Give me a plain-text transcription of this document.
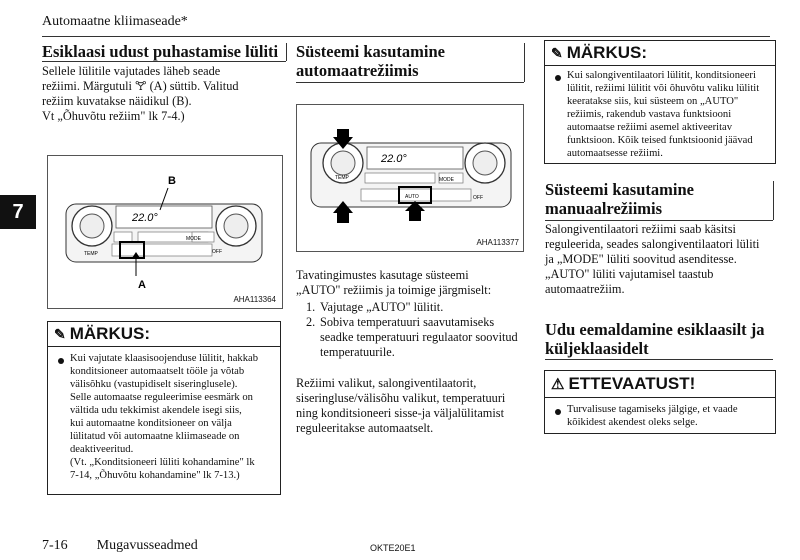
Automaatne kliimaseade*
7
Esiklaasi udust puhastamise lüliti
Sellele lülitile vajutades läheb seade
režiimi. Märgutuli 🝖 (A) süttib. Valitud
režiim kuvatakse näidikul (B).
Vt „Õhuvõtu režiim" lk 7-4.)
22.0°
TEMP
MODE
OFF
B
A
AHA113364
✎ MÄRKUS:
Kui vajutate klaasisoojendusе lülitit, hakkab
konditsioneer automaatselt tööle ja võtab
välisõhku (vastupidiselt siseringlusele).
Selle automaatse reguleerimise eesmärk on
vältida udu tekkimist akendele isegi siis,
kui automaatne konditsioneer on välja
lülitatud või automaatne kliimaseade on
deaktiveeritud.
(Vt. „Konditsioneeri lüliti kohandamine" lk
7-14, „Õhuvõtu kohandamine" lk 7-13.)
Süsteemi kasutamine
automaatrežiimis
22.0°
AUTO
MODE
OFF
TEMP
AHA113377
Tavatingimustes kasutage süsteemi
„AUTO" režiimis ja toimige järgmiselt:
1. Vajutage „AUTO" lülitit.
2. Sobiva temperatuuri saavutamiseks
seadke temperatuuri regulaator soovitud
temperatuurile.
Režiimi valikut, salongiventilaatorit,
siseringluse/välisõhu valikut, temperatuuri
ning konditsioneeri sisse-ja väljalülitamist
reguleeritakse automaatselt.
✎ MÄRKUS:
Kui salongiventilaatori lülitit, konditsioneeri
lülitit, režiimi lülitit või õhuvõtu valiku lülitit
keeratakse siis, kui süsteem on „AUTO"
režiimis, rakendub vastava funktsiooni
automaatse režiimi asemel aktiveeritav
funktsioon. Kõik teised funktsioonid jäävad
automaatsesse režiimi.
Süsteemi kasutamine
manuaalrežiimis
Salongiventilaatori režiimi saab käsitsi
reguleerida, seades salongiventilaatori lüliti
ja „MODE" lüliti soovitud asenditesse.
„AUTO" lüliti vajutamisel taastub
automaatrežiim.
Udu eemaldamine esiklaasilt ja
küljeklaasidelt
⚠ ETTEVAATUST!
Turvalisuse tagamiseks jälgige, et vaade
kõikidest akendest oleks selge.
7-16 Mugavusseadmed	OKTE20E1
